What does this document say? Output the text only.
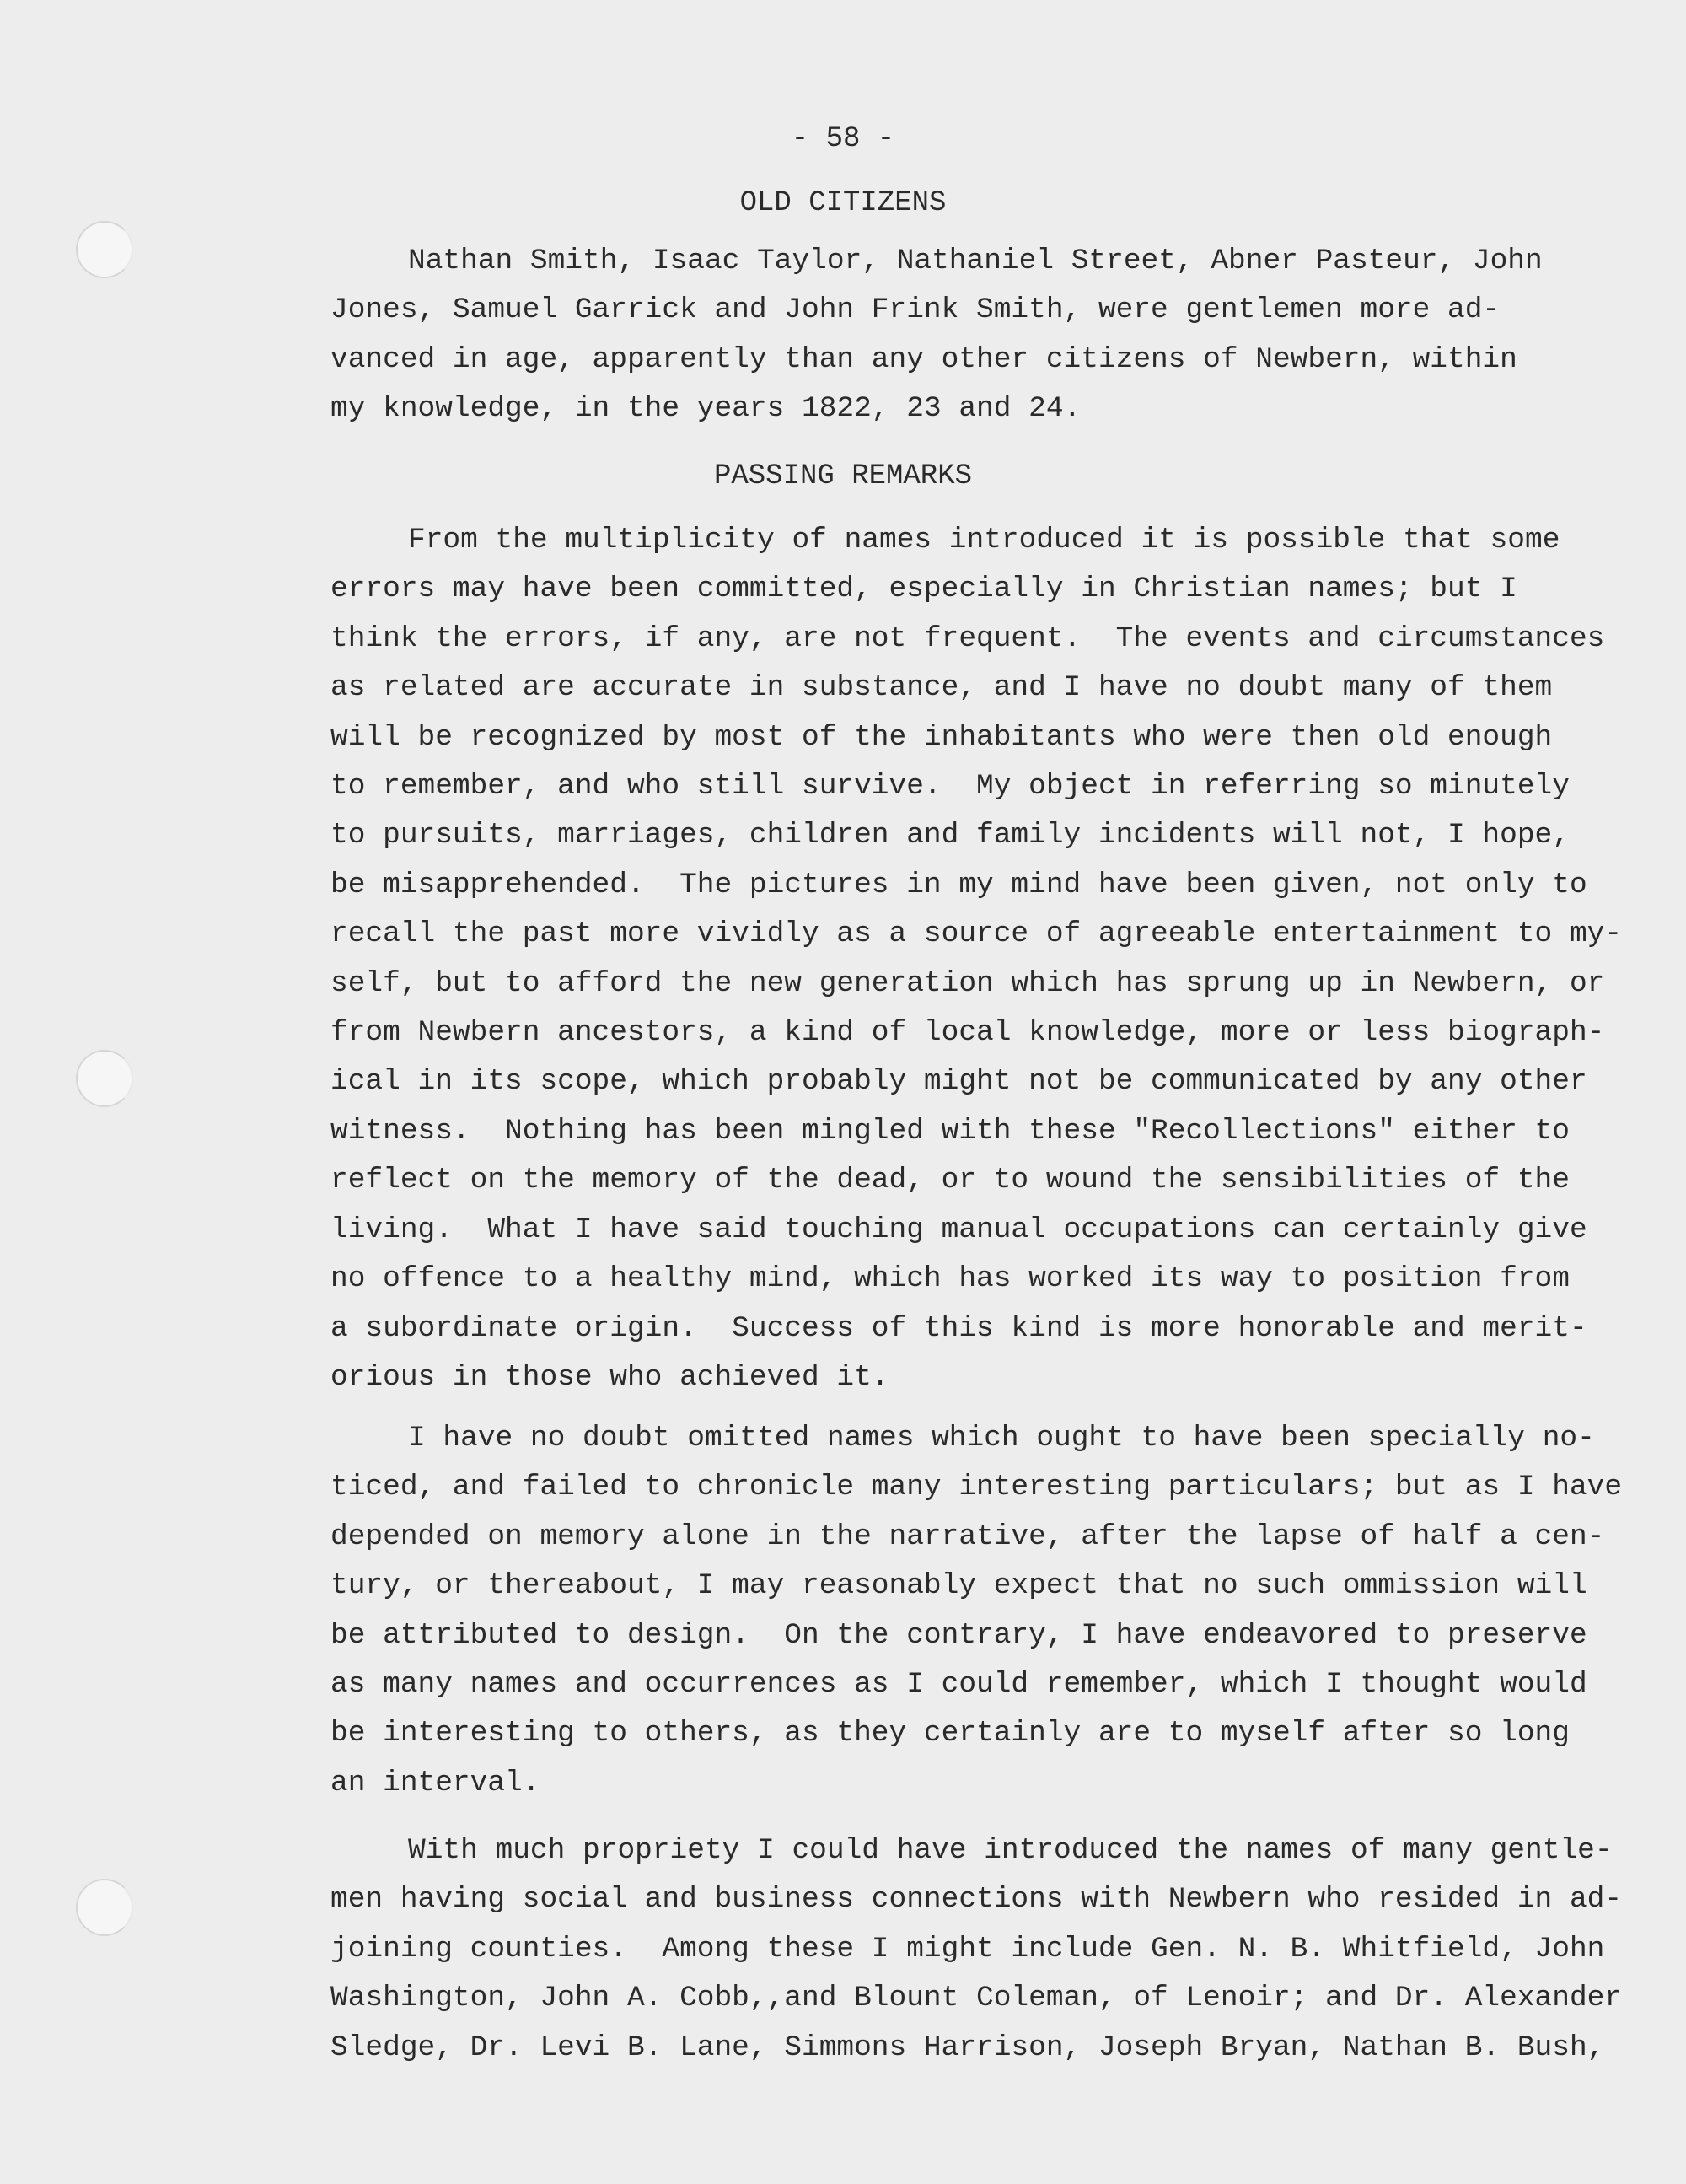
- 58 -
OLD CITIZENS
Nathan Smith, Isaac Taylor, Nathaniel Street, Abner Pasteur, John
Jones, Samuel Garrick and John Frink Smith, were gentlemen more ad-
vanced in age, apparently than any other citizens of Newbern, within
my knowledge, in the years 1822, 23 and 24.
PASSING REMARKS
From the multiplicity of names introduced it is possible that some
errors may have been committed, especially in Christian names; but I
think the errors, if any, are not frequent.  The events and circumstances
as related are accurate in substance, and I have no doubt many of them
will be recognized by most of the inhabitants who were then old enough
to remember, and who still survive.  My object in referring so minutely
to pursuits, marriages, children and family incidents will not, I hope,
be misapprehended.  The pictures in my mind have been given, not only to
recall the past more vividly as a source of agreeable entertainment to my-
self, but to afford the new generation which has sprung up in Newbern, or
from Newbern ancestors, a kind of local knowledge, more or less biograph-
ical in its scope, which probably might not be communicated by any other
witness.  Nothing has been mingled with these "Recollections" either to
reflect on the memory of the dead, or to wound the sensibilities of the
living.  What I have said touching manual occupations can certainly give
no offence to a healthy mind, which has worked its way to position from
a subordinate origin.  Success of this kind is more honorable and merit-
orious in those who achieved it.
I have no doubt omitted names which ought to have been specially no-
ticed, and failed to chronicle many interesting particulars; but as I have
depended on memory alone in the narrative, after the lapse of half a cen-
tury, or thereabout, I may reasonably expect that no such ommission will
be attributed to design.  On the contrary, I have endeavored to preserve
as many names and occurrences as I could remember, which I thought would
be interesting to others, as they certainly are to myself after so long
an interval.
With much propriety I could have introduced the names of many gentle-
men having social and business connections with Newbern who resided in ad-
joining counties.  Among these I might include Gen. N. B. Whitfield, John
Washington, John A. Cobb,,and Blount Coleman, of Lenoir; and Dr. Alexander
Sledge, Dr. Levi B. Lane, Simmons Harrison, Joseph Bryan, Nathan B. Bush,
